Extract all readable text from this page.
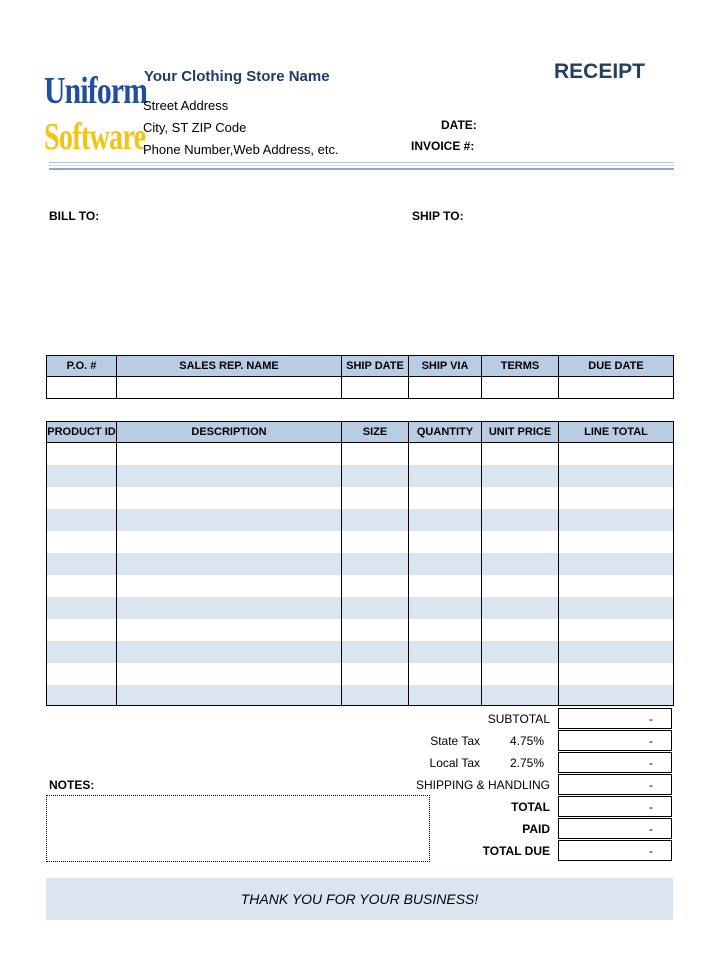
Uniform
Software
Your Clothing Store Name
Street Address
City, ST ZIP Code
Phone Number,Web Address, etc.
RECEIPT
DATE:
INVOICE #:
BILL TO:	SHIP TO:
P.O. #	SALES REP. NAME	SHIP DATE	SHIP VIA	TERMS	DUE DATE

PRODUCT ID	DESCRIPTION	SIZE	QUANTITY	UNIT PRICE	LINE TOTAL

SUBTOTAL	-
State Tax 4.75%	-
Local Tax 2.75%	-
SHIPPING & HANDLING	-
TOTAL	-
PAID	-
TOTAL DUE	-
NOTES:
THANK YOU FOR YOUR BUSINESS!
